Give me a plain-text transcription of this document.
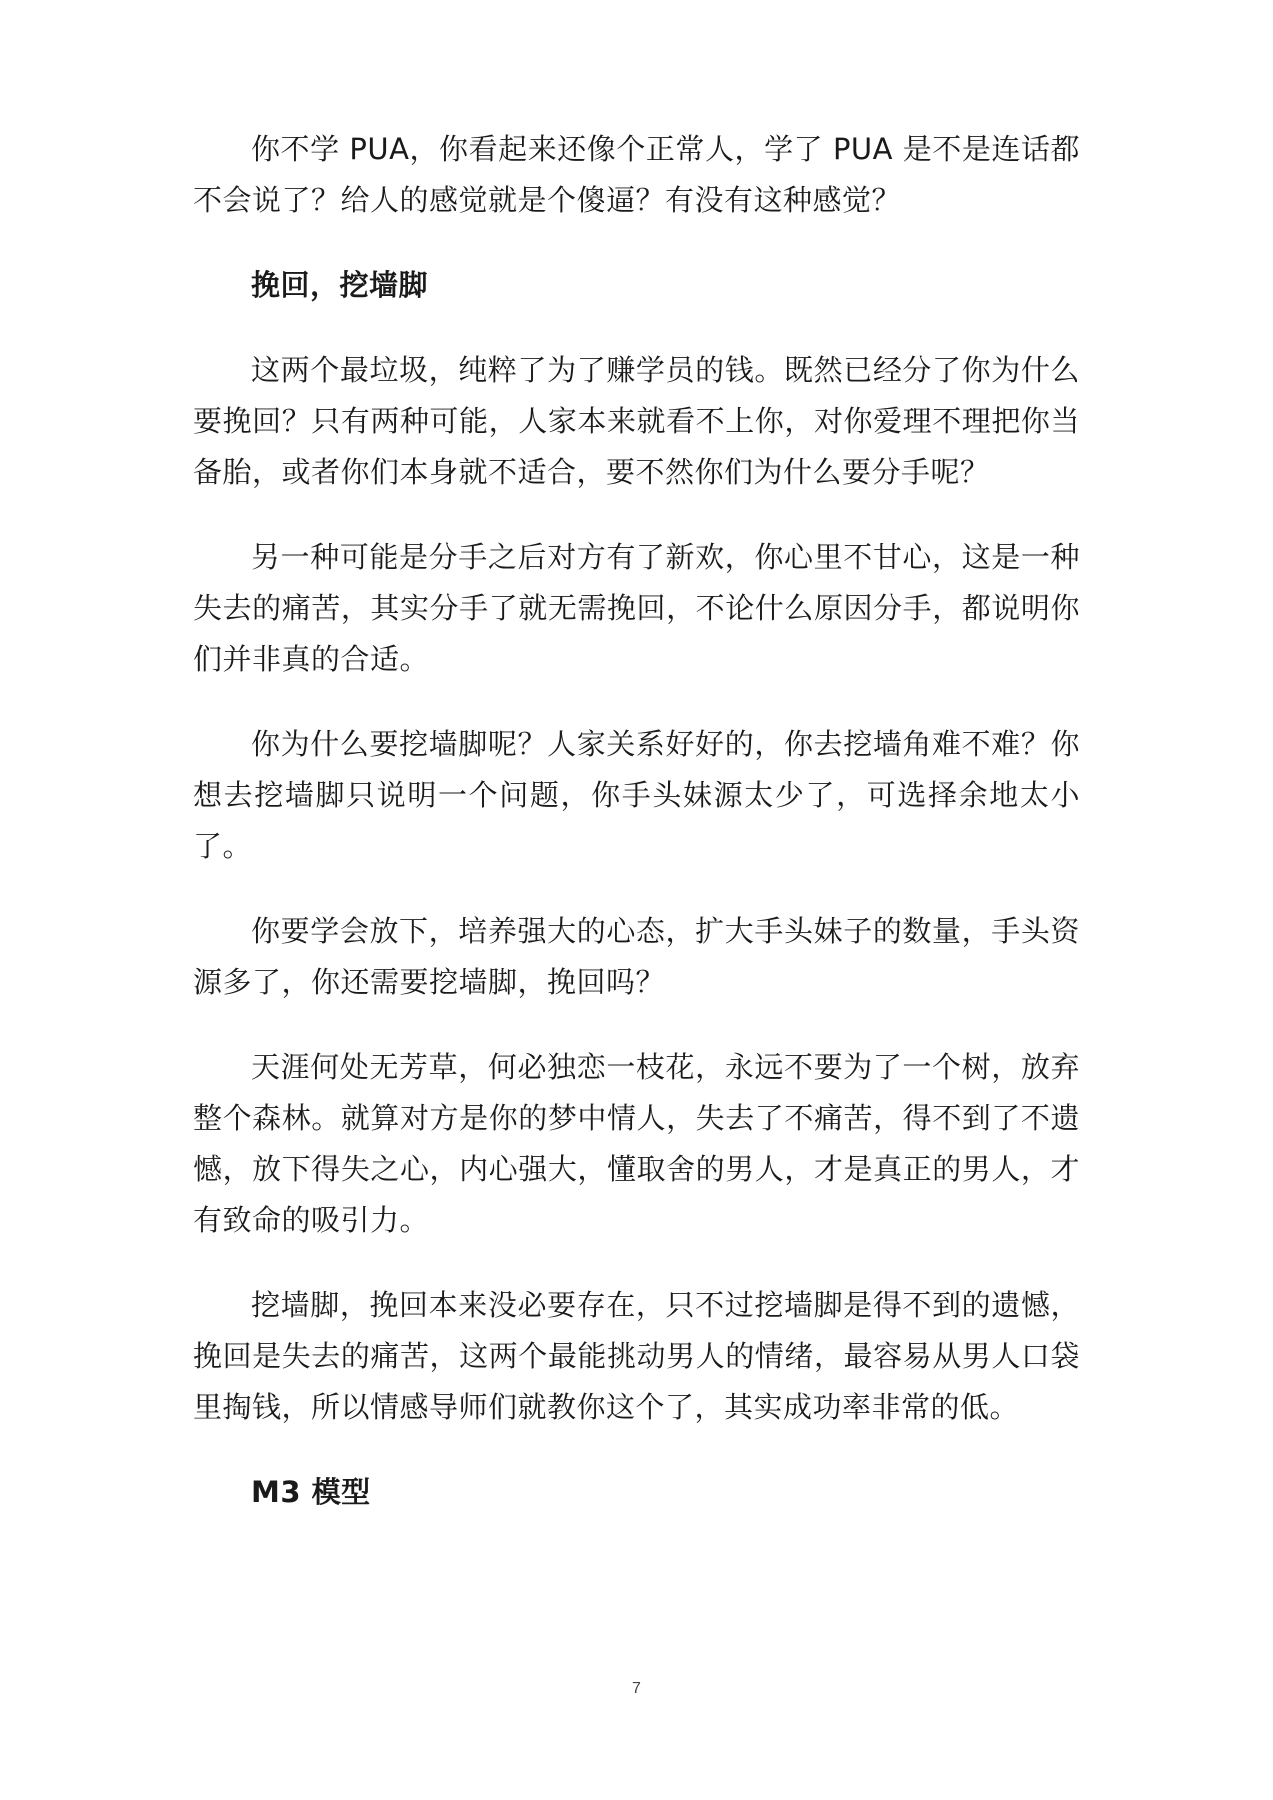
你不学 PUA，你看起来还像个正常人，学了 PUA 是不是连话都不会说了？给人的感觉就是个傻逼？有没有这种感觉？

挽回，挖墙脚

这两个最垃圾，纯粹了为了赚学员的钱。既然已经分了你为什么要挽回？只有两种可能，人家本来就看不上你，对你爱理不理把你当备胎，或者你们本身就不适合，要不然你们为什么要分手呢？

另一种可能是分手之后对方有了新欢，你心里不甘心，这是一种失去的痛苦，其实分手了就无需挽回，不论什么原因分手，都说明你们并非真的合适。

你为什么要挖墙脚呢？人家关系好好的，你去挖墙角难不难？你想去挖墙脚只说明一个问题，你手头妹源太少了，可选择余地太小了。

你要学会放下，培养强大的心态，扩大手头妹子的数量，手头资源多了，你还需要挖墙脚，挽回吗？

天涯何处无芳草，何必独恋一枝花，永远不要为了一个树，放弃整个森林。就算对方是你的梦中情人，失去了不痛苦，得不到了不遗憾，放下得失之心，内心强大，懂取舍的男人，才是真正的男人，才有致命的吸引力。

挖墙脚，挽回本来没必要存在，只不过挖墙脚是得不到的遗憾，挽回是失去的痛苦，这两个最能挑动男人的情绪，最容易从男人口袋里掏钱，所以情感导师们就教你这个了，其实成功率非常的低。

M3 模型
7
